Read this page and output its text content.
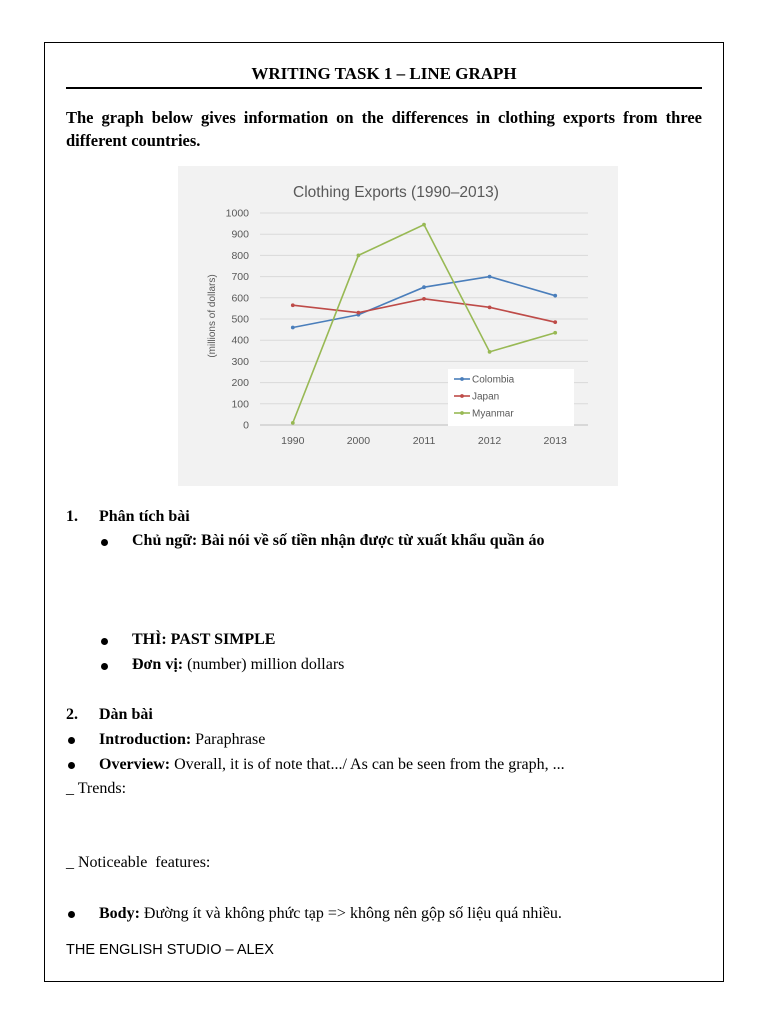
WRITING TASK 1 – LINE GRAPH
The graph below gives information on the differences in clothing exports from three different countries.
Clothing Exports (1990–2013)
(millions of dollars)
0
100
200
300
400
500
600
700
800
900
1000
1990	2000	2011	2012	2013
Colombia
Japan
Myanmar
1. Phân tích bài
Chủ ngữ: Bài nói về số tiền nhận được từ xuất khẩu quần áo
THÌ: PAST SIMPLE
Đơn vị: (number) million dollars
2. Dàn bài
Introduction: Paraphrase
Overview: Overall, it is of note that.../ As can be seen from the graph, ...
_ Trends:
_ Noticeable  features:
Body: Đường ít và không phức tạp => không nên gộp số liệu quá nhiều.
THE ENGLISH STUDIO – ALEX
